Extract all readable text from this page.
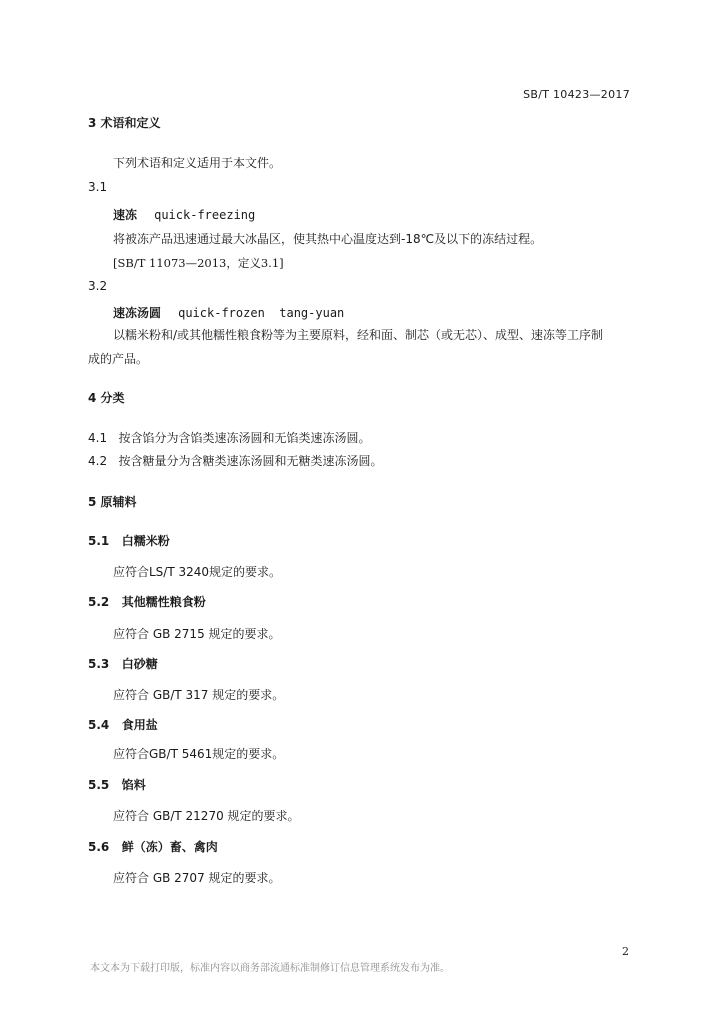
SB/T 10423—2017
3 术语和定义
下列术语和定义适用于本文件。
3.1
速冻 quick-freezing
将被冻产品迅速通过最大冰晶区，使其热中心温度达到-18℃及以下的冻结过程。
[SB/T 11073—2013，定义3.1]
3.2
速冻汤圆 quick-frozen  tang-yuan
以糯米粉和/或其他糯性粮食粉等为主要原料，经和面、制芯（或无芯）、成型、速冻等工序制
成的产品。
4 分类
4.1   按含馅分为含馅类速冻汤圆和无馅类速冻汤圆。
4.2   按含糖量分为含糖类速冻汤圆和无糖类速冻汤圆。
5 原辅料
5.1   白糯米粉
应符合LS/T 3240规定的要求。
5.2   其他糯性粮食粉
应符合 GB 2715 规定的要求。
5.3   白砂糖
应符合 GB/T 317 规定的要求。
5.4   食用盐
应符合GB/T 5461规定的要求。
5.5   馅料
应符合 GB/T 21270 规定的要求。
5.6   鲜（冻）畜、禽肉
应符合 GB 2707 规定的要求。
2
本文本为下载打印版，标准内容以商务部流通标准制修订信息管理系统发布为准。
